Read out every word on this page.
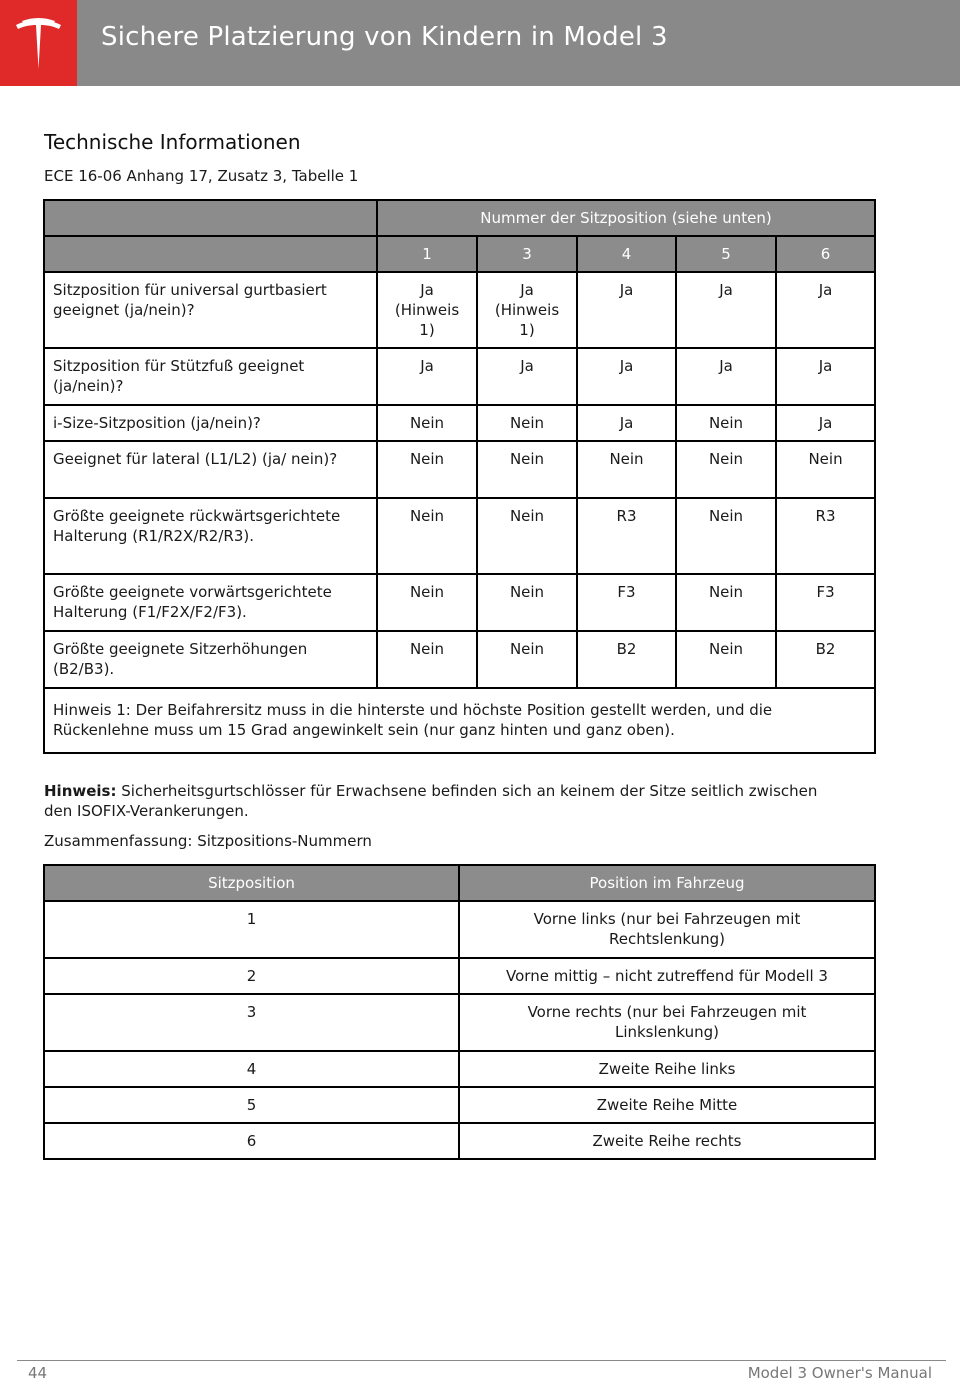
Sichere Platzierung von Kindern in Model 3
Technische Informationen
ECE 16-06 Anhang 17, Zusatz 3, Tabelle 1
	Nummer der Sitzposition (siehe unten)				
	1	3	4	5	6
Sitzposition für universal gurtbasiert geeignet (ja/nein)?	Ja (Hinweis 1)	Ja (Hinweis 1)	Ja	Ja	Ja
Sitzposition für Stützfuß geeignet (ja/nein)?	Ja	Ja	Ja	Ja	Ja
i-Size-Sitzposition (ja/nein)?	Nein	Nein	Ja	Nein	Ja
Geeignet für lateral (L1/L2) (ja/ nein)?	Nein	Nein	Nein	Nein	Nein
Größte geeignete rückwärtsgerichtete Halterung (R1/R2X/R2/R3).	Nein	Nein	R3	Nein	R3
Größte geeignete vorwärtsgerichtete Halterung (F1/F2X/F2/F3).	Nein	Nein	F3	Nein	F3
Größte geeignete Sitzerhöhungen (B2/B3).	Nein	Nein	B2	Nein	B2
Hinweis 1: Der Beifahrersitz muss in die hinterste und höchste Position gestellt werden, und die Rückenlehne muss um 15 Grad angewinkelt sein (nur ganz hinten und ganz oben).					
Hinweis: Sicherheitsgurtschlösser für Erwachsene befinden sich an keinem der Sitze seitlich zwischen den ISOFIX-Verankerungen.
Zusammenfassung: Sitzpositions-Nummern
Sitzposition	Position im Fahrzeug
1	Vorne links (nur bei Fahrzeugen mit Rechtslenkung)
2	Vorne mittig – nicht zutreffend für Modell 3
3	Vorne rechts (nur bei Fahrzeugen mit Linkslenkung)
4	Zweite Reihe links
5	Zweite Reihe Mitte
6	Zweite Reihe rechts
44	Model 3 Owner's Manual
